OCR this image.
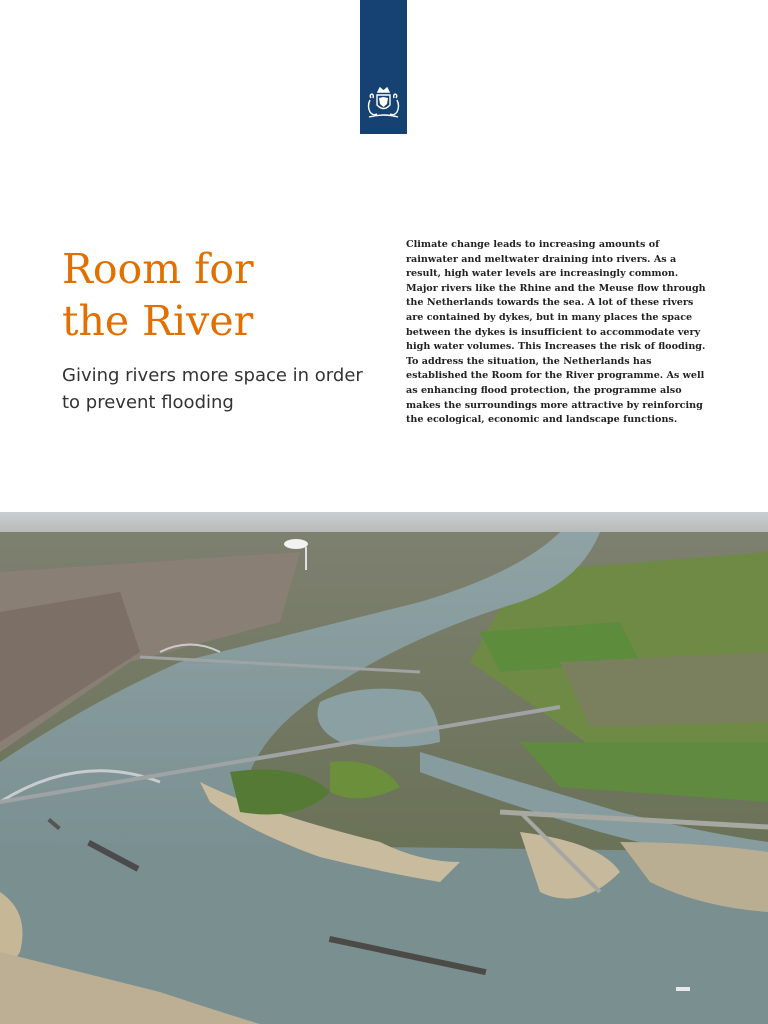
Room for
the River

Giving rivers more space in order to prevent flooding

Climate change leads to increasing amounts of rainwater and meltwater draining into rivers. As a result, high water levels are increasingly common. Major rivers like the Rhine and the Meuse flow through the Netherlands towards the sea. A lot of these rivers are contained by dykes, but in many places the space between the dykes is insufficient to accommodate very high water volumes. This Increases the risk of flooding. To address the situation, the Netherlands has established the Room for the River programme. As well as enhancing flood protection, the programme also makes the surroundings more attractive by reinforcing the ecological, economic and landscape functions.
